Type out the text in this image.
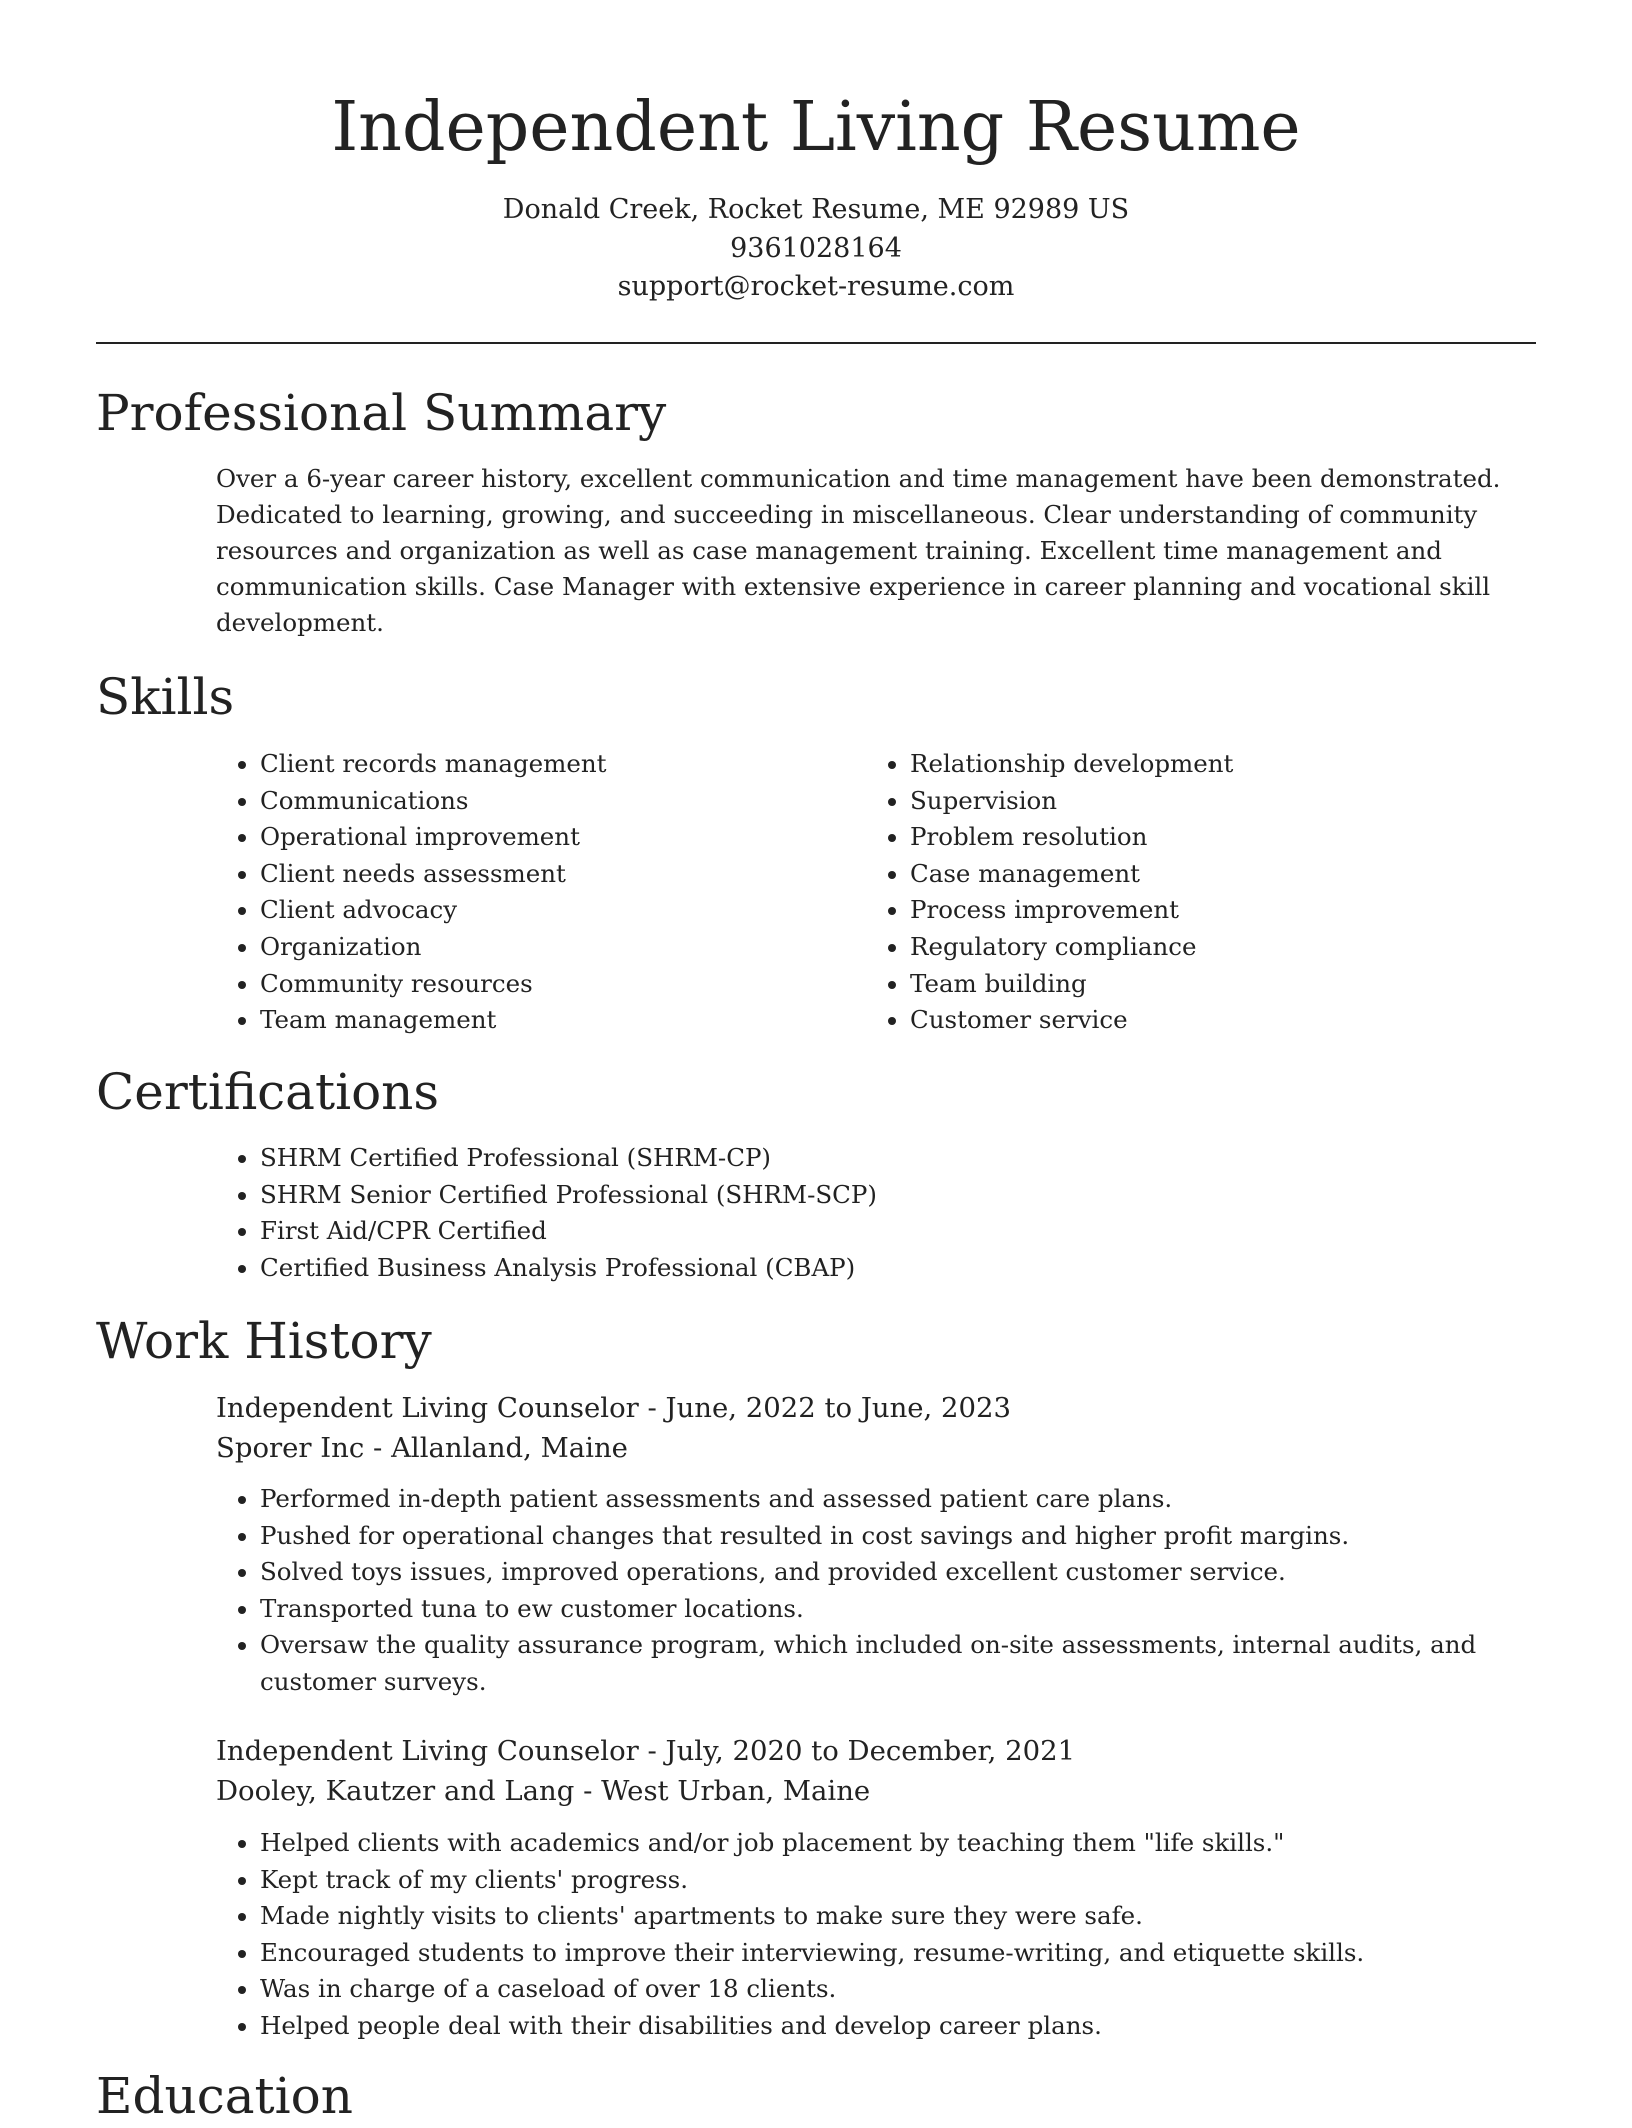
Independent Living Resume
Donald Creek, Rocket Resume, ME 92989 US
9361028164
support@rocket-resume.com
Professional Summary

Over a 6-year career history, excellent communication and time management have been demonstrated. Dedicated to learning, growing, and succeeding in miscellaneous. Clear understanding of community resources and organization as well as case management training. Excellent time management and communication skills. Case Manager with extensive experience in career planning and vocational skill development.

Skills
• Client records management
• Communications
• Operational improvement
• Client needs assessment
• Client advocacy
• Organization
• Community resources
• Team management
• Relationship development
• Supervision
• Problem resolution
• Case management
• Process improvement
• Regulatory compliance
• Team building
• Customer service
Certifications
• SHRM Certified Professional (SHRM-CP)
• SHRM Senior Certified Professional (SHRM-SCP)
• First Aid/CPR Certified
• Certified Business Analysis Professional (CBAP)
Work History
Independent Living Counselor - June, 2022 to June, 2023
Sporer Inc - Allanland, Maine
• Performed in-depth patient assessments and assessed patient care plans.
• Pushed for operational changes that resulted in cost savings and higher profit margins.
• Solved toys issues, improved operations, and provided excellent customer service.
• Transported tuna to ew customer locations.
• Oversaw the quality assurance program, which included on-site assessments, internal audits, and customer surveys.
Independent Living Counselor - July, 2020 to December, 2021
Dooley, Kautzer and Lang - West Urban, Maine
• Helped clients with academics and/or job placement by teaching them "life skills."
• Kept track of my clients' progress.
• Made nightly visits to clients' apartments to make sure they were safe.
• Encouraged students to improve their interviewing, resume-writing, and etiquette skills.
• Was in charge of a caseload of over 18 clients.
• Helped people deal with their disabilities and develop career plans.
Education
